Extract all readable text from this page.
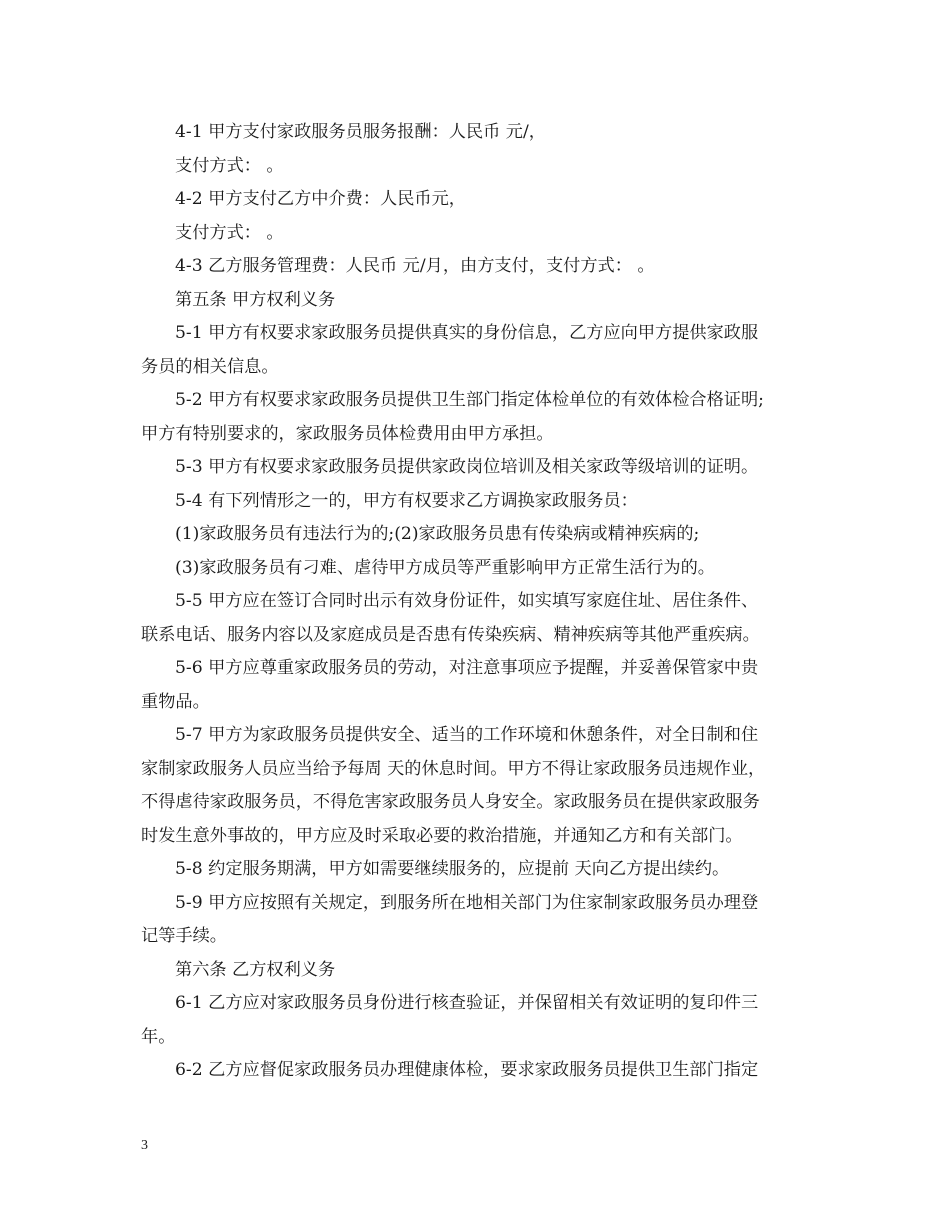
4-1 甲方支付家政服务员服务报酬：人民币 元/，
支付方式： 。
4-2 甲方支付乙方中介费：人民币元，
支付方式： 。
4-3 乙方服务管理费：人民币 元/月，由方支付，支付方式： 。
第五条 甲方权利义务
5-1 甲方有权要求家政服务员提供真实的身份信息，乙方应向甲方提供家政服
务员的相关信息。
5-2 甲方有权要求家政服务员提供卫生部门指定体检单位的有效体检合格证明;
甲方有特别要求的，家政服务员体检费用由甲方承担。
5-3 甲方有权要求家政服务员提供家政岗位培训及相关家政等级培训的证明。
5-4 有下列情形之一的，甲方有权要求乙方调换家政服务员：
(1)家政服务员有违法行为的;(2)家政服务员患有传染病或精神疾病的;
(3)家政服务员有刁难、虐待甲方成员等严重影响甲方正常生活行为的。
5-5 甲方应在签订合同时出示有效身份证件，如实填写家庭住址、居住条件、
联系电话、服务内容以及家庭成员是否患有传染疾病、精神疾病等其他严重疾病。
5-6 甲方应尊重家政服务员的劳动，对注意事项应予提醒，并妥善保管家中贵
重物品。
5-7 甲方为家政服务员提供安全、适当的工作环境和休憩条件，对全日制和住
家制家政服务人员应当给予每周 天的休息时间。甲方不得让家政服务员违规作业，
不得虐待家政服务员，不得危害家政服务员人身安全。家政服务员在提供家政服务
时发生意外事故的，甲方应及时采取必要的救治措施，并通知乙方和有关部门。
5-8 约定服务期满，甲方如需要继续服务的，应提前 天向乙方提出续约。
5-9 甲方应按照有关规定，到服务所在地相关部门为住家制家政服务员办理登
记等手续。
第六条 乙方权利义务
6-1 乙方应对家政服务员身份进行核查验证，并保留相关有效证明的复印件三
年。
6-2 乙方应督促家政服务员办理健康体检，要求家政服务员提供卫生部门指定
3
